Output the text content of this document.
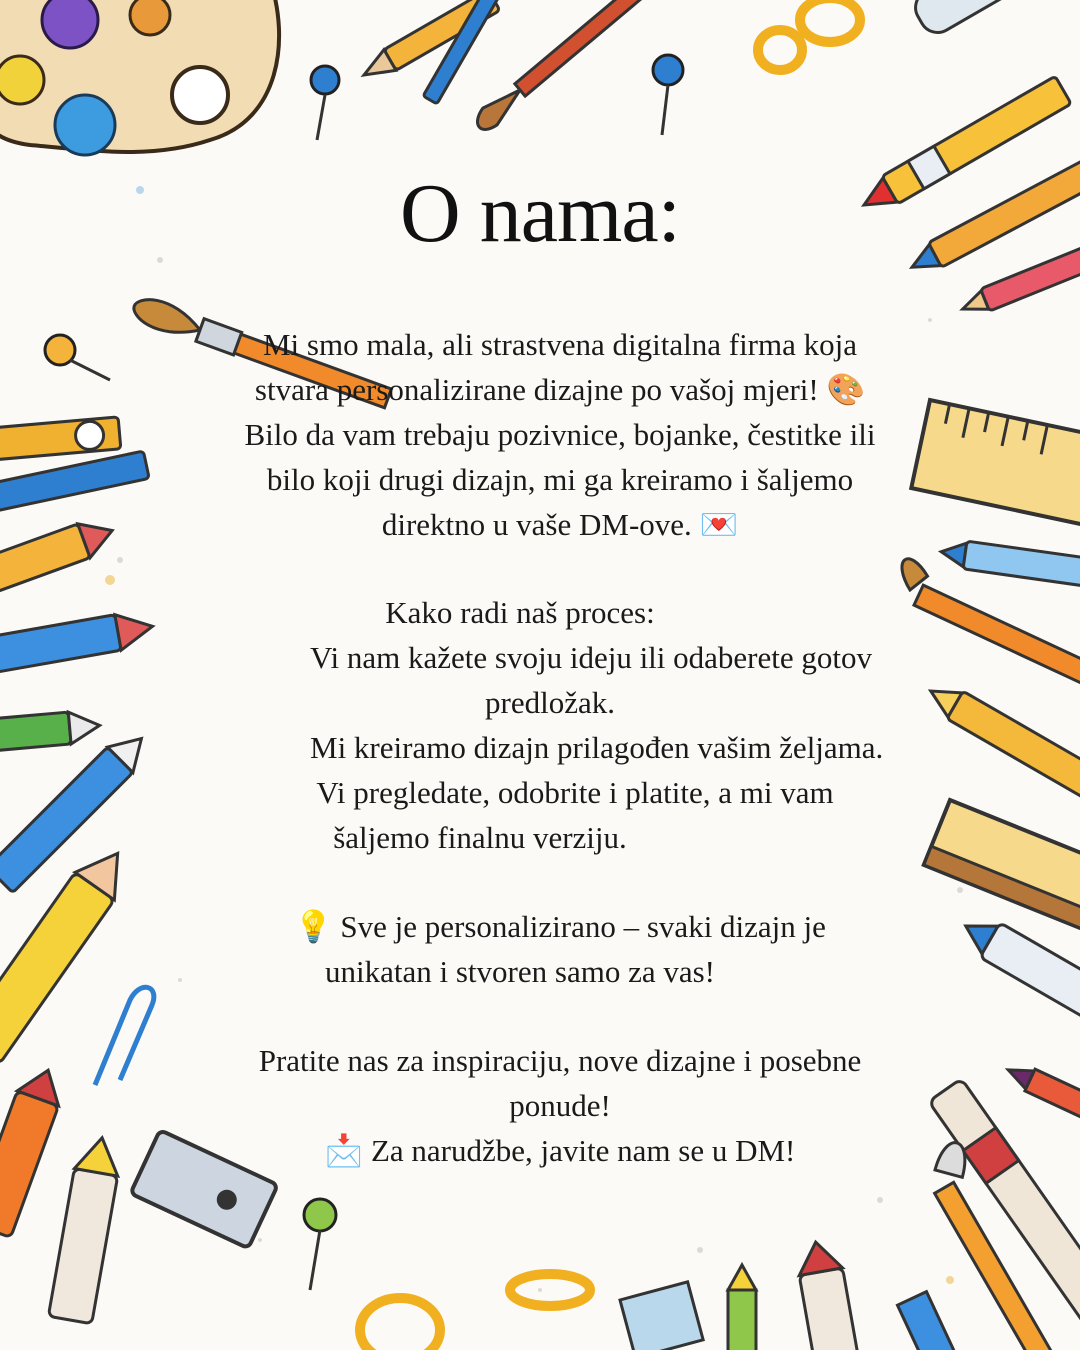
O nama:
Mi smo mala, ali strastvena digitalna firma koja
stvara personalizirane dizajne po vašoj mjeri! 🎨
Bilo da vam trebaju pozivnice, bojanke, čestitke ili
bilo koji drugi dizajn, mi ga kreiramo i šaljemo
direktno u vaše DM-ove. 💌
Kako radi naš proces:
Vi nam kažete svoju ideju ili odaberete gotov
predložak.
Mi kreiramo dizajn prilagođen vašim željama.
Vi pregledate, odobrite i platite, a mi vam
šaljemo finalnu verziju.
💡 Sve je personalizirano – svaki dizajn je
unikatan i stvoren samo za vas!
Pratite nas za inspiraciju, nove dizajne i posebne
ponude!
📩 Za narudžbe, javite nam se u DM!
